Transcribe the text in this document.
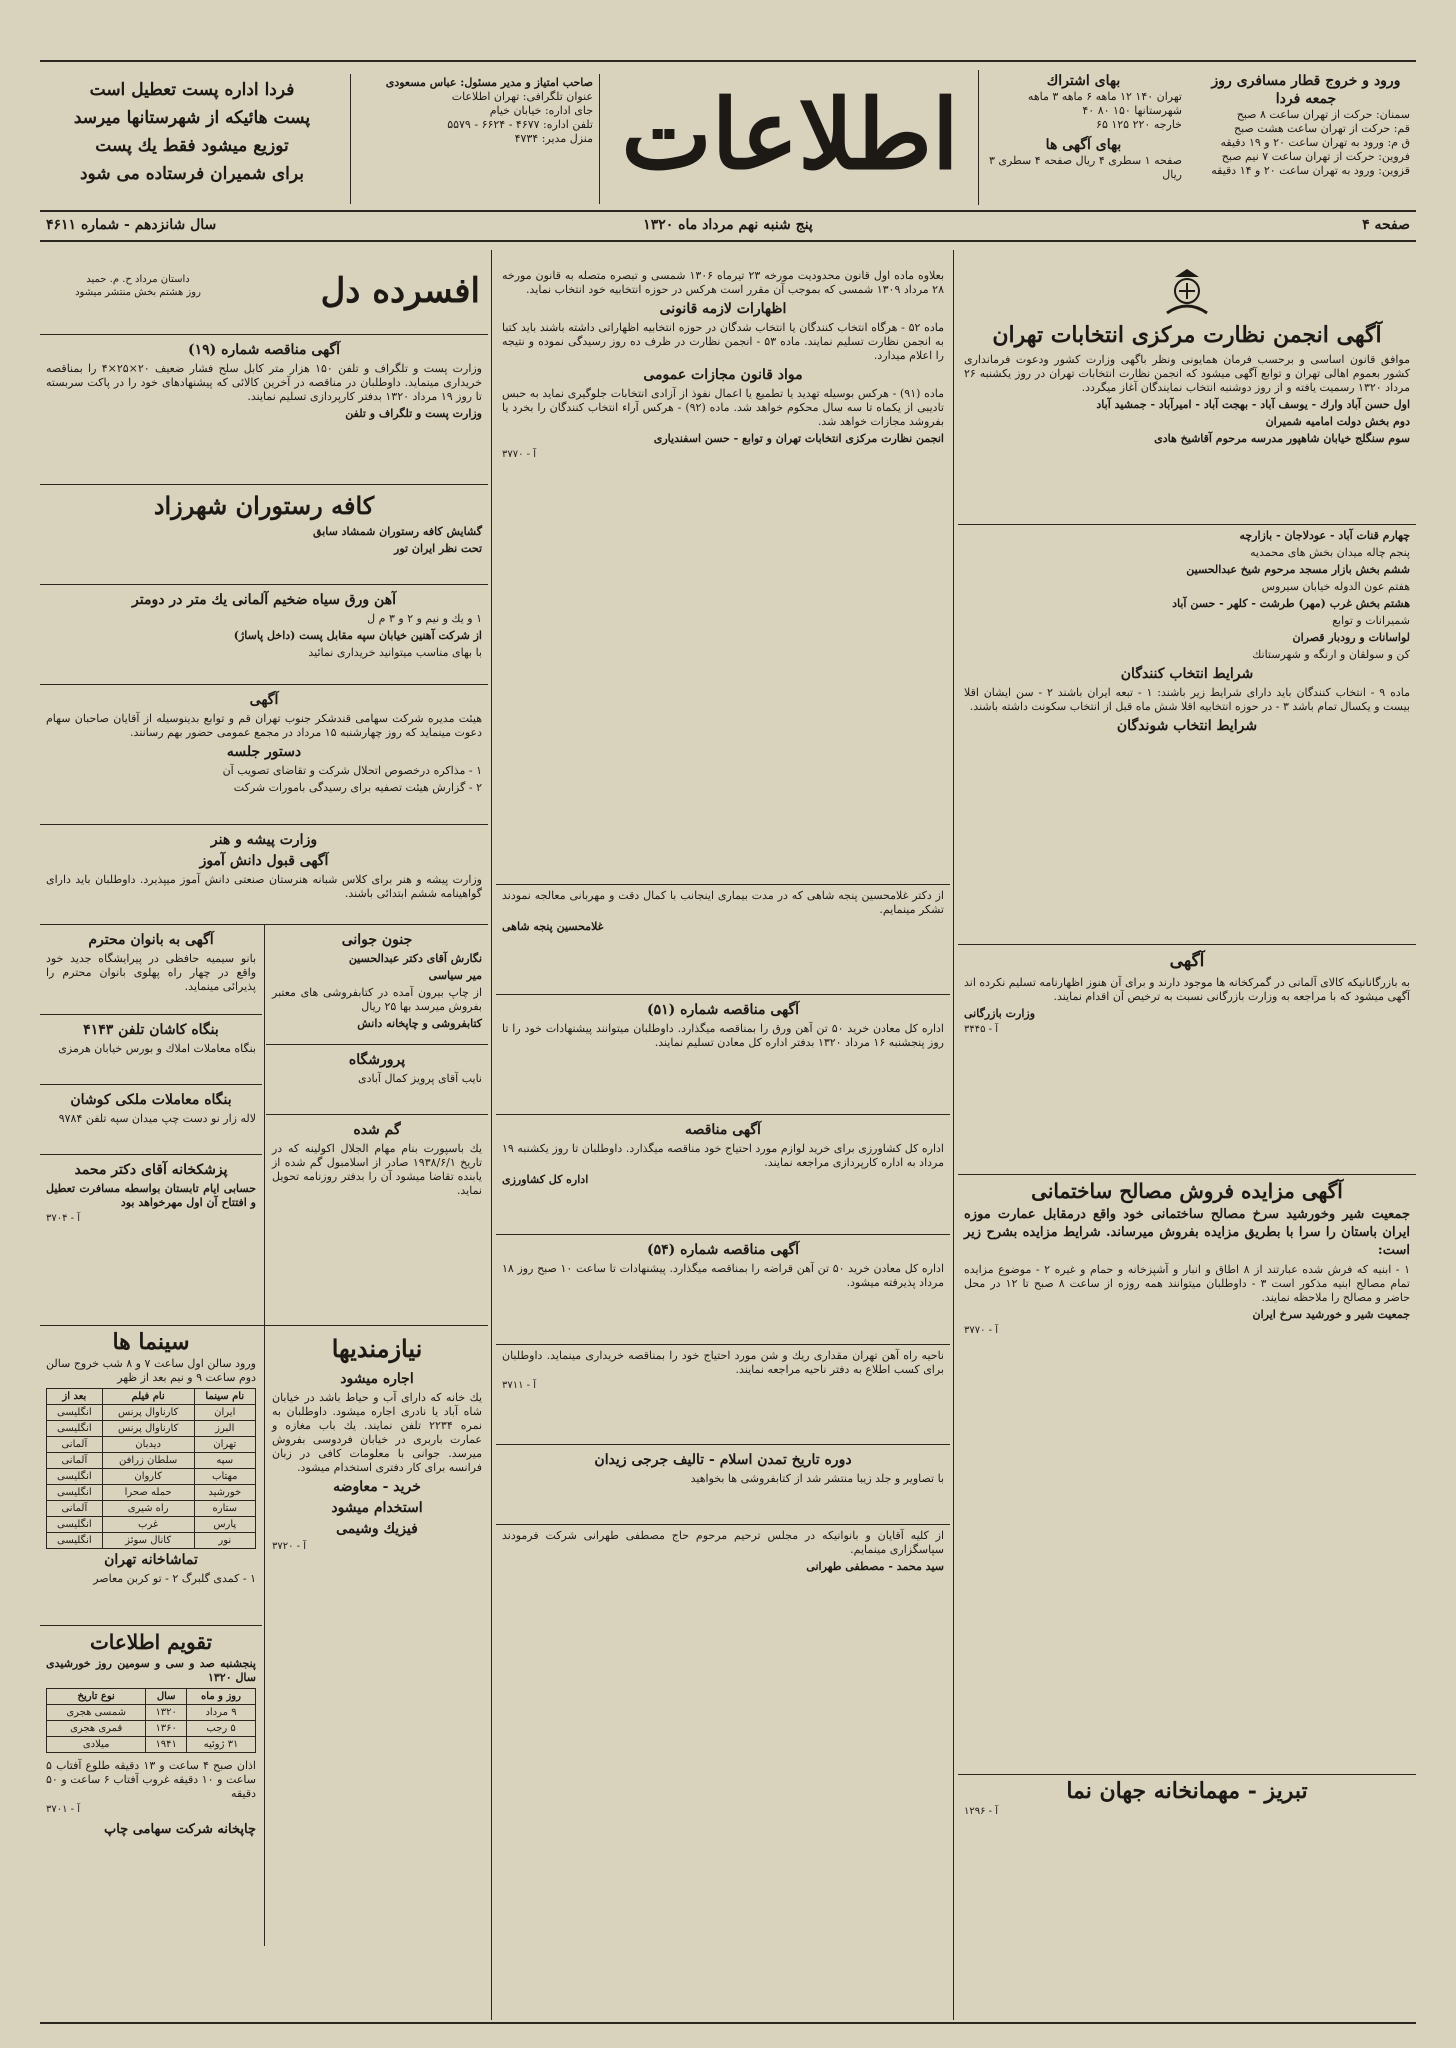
ورود و خروج قطار مسافری روز جمعه فردا
سمنان: حرکت از تهران ساعت ۸ صبح
قم: حرکت از تهران ساعت هشت صبح
ق م: ورود به تهران ساعت ۲۰ و ۱۹ دقیقه
فروین: حرکت از تهران ساعت ۷ نیم صبح
قزوین: ورود به تهران ساعت ۲۰ و ۱۴ دقیقه
بهای اشتراك
تهران ۱۴۰ ۱۲ ماهه ۶ ماهه ۳ ماهه
شهرستانها ۱۵۰ ۸۰ ۴۰
خارجه ۲۲۰ ۱۲۵ ۶۵
بهای آگهی ها
صفحه ۱ سطری ۴ ریال صفحه ۴ سطری ۳ ریال
اطلاعات
صاحب امتیاز و مدیر مسئول: عباس مسعودی
عنوان تلگرافی: تهران اطلاعات
جای اداره: خیابان خیام
تلفن اداره: ۴۶۷۷ - ۶۶۲۴ - ۵۵۷۹
منزل مدیر: ۴۷۳۴
فردا اداره پست تعطیل است
پست هائیکه از شهرستانها میرسد
توزیع میشود فقط یك پست
برای شمیران فرستاده می شود
صفحه ۴
پنج شنبه نهم مرداد ماه ۱۳۲۰
سال شانزدهم - شماره ۴۶۱۱
آگهی انجمن نظارت مرکزی انتخابات تهران

موافق قانون اساسی و برحسب فرمان همایونی ونظر باگهی وزارت کشور ودعوت فرمانداری کشور بعموم اهالی تهران و توابع آگهی میشود که انجمن نظارت انتخابات تهران در روز یکشنبه ۲۶ مرداد ۱۳۲۰ رسمیت یافته و از روز دوشنبه انتخاب نمایندگان آغاز میگردد.

اول حسن آباد وارك - یوسف آباد - بهجت آباد - امیرآباد - جمشید آباد

دوم بخش دولت امامیه شمیران

سوم سنگلج خیابان شاهپور مدرسه مرحوم آقاشیخ هادی

چهارم قنات آباد - عودلاجان - بازارچه

پنجم چاله میدان بخش های محمدیه

ششم بخش بازار مسجد مرحوم شیخ عبدالحسین

هفتم عون الدوله خیابان سیروس

هشتم بخش غرب (مهر) طرشت - کلهر - حسن آباد

شمیرانات و توابع

لواسانات و رودبار قصران

کن و سولقان و ارنگه و شهرستانك

شرایط انتخاب کنندگان

ماده ۹ - انتخاب کنندگان باید دارای شرایط زیر باشند: ۱ - تبعه ایران باشند ۲ - سن ایشان اقلا بیست و یکسال تمام باشد ۳ - در حوزه انتخابیه اقلا شش ماه قبل از انتخاب سکونت داشته باشند.

شرایط انتخاب شوندگان
آگهی

به بازرگانانیکه کالای آلمانی در گمرکخانه ها موجود دارند و برای آن هنوز اظهارنامه تسلیم نکرده اند آگهی میشود که با مراجعه به وزارت بازرگانی نسبت به ترخیص آن اقدام نمایند.

وزارت بازرگانی

آ - ۳۴۴۵
آگهی مزایده فروش مصالح ساختمانی

جمعیت شیر وخورشید سرخ مصالح ساختمانی خود واقع درمقابل عمارت موزه ایران باستان را سرا با بطریق مزایده بفروش میرساند. شرایط مزایده بشرح زیر است:

۱ - ابنیه که فرش شده عبارتند از ۸ اطاق و انبار و آشپزخانه و حمام و غیره ۲ - موضوع مزایده تمام مصالح ابنیه مذکور است ۳ - داوطلبان میتوانند همه روزه از ساعت ۸ صبح تا ۱۲ در محل حاضر و مصالح را ملاحظه نمایند.

جمعیت شیر و خورشید سرخ ایران

آ - ۳۷۷۰
تبریز - مهمانخانه جهان نما
آ - ۱۲۹۶

بعلاوه ماده اول قانون محدودیت مورخه ۲۳ تیرماه ۱۳۰۶ شمسی و تبصره متصله به قانون مورخه ۲۸ مرداد ۱۳۰۹ شمسی که بموجب آن مقرر است هرکس در حوزه انتخابیه خود انتخاب نماید.

اظهارات لازمه قانونی

ماده ۵۲ - هرگاه انتخاب کنندگان یا انتخاب شدگان در حوزه انتخابیه اظهاراتی داشته باشند باید کتبا به انجمن نظارت تسلیم نمایند. ماده ۵۳ - انجمن نظارت در ظرف ده روز رسیدگی نموده و نتیجه را اعلام میدارد.

مواد قانون مجازات عمومی

ماده (۹۱) - هرکس بوسیله تهدید یا تطمیع یا اعمال نفوذ از آزادی انتخابات جلوگیری نماید به حبس تادیبی از یکماه تا سه سال محکوم خواهد شد. ماده (۹۲) - هرکس آراء انتخاب کنندگان را بخرد یا بفروشد مجازات خواهد شد.

انجمن نظارت مرکزی انتخابات تهران و توابع - حسن اسفندیاری

آ - ۳۷۷۰

از دکتر غلامحسین پنجه شاهی که در مدت بیماری اینجانب با کمال دقت و مهربانی معالجه نمودند تشکر مینمایم.

غلامحسین پنجه شاهی

آگهی مناقصه شماره (۵۱)

اداره کل معادن خرید ۵۰ تن آهن ورق را بمناقصه میگذارد. داوطلبان میتوانند پیشنهادات خود را تا روز پنجشنبه ۱۶ مرداد ۱۳۲۰ بدفتر اداره کل معادن تسلیم نمایند.

آگهی مناقصه

اداره کل کشاورزی برای خرید لوازم مورد احتیاج خود مناقصه میگذارد. داوطلبان تا روز یکشنبه ۱۹ مرداد به اداره کارپردازی مراجعه نمایند.

اداره کل کشاورزی

آگهی مناقصه شماره (۵۴)

اداره کل معادن خرید ۵۰ تن آهن قراضه را بمناقصه میگذارد. پیشنهادات تا ساعت ۱۰ صبح روز ۱۸ مرداد پذیرفته میشود.

ناحیه راه آهن تهران مقداری ریك و شن مورد احتیاج خود را بمناقصه خریداری مینماید. داوطلبان برای کسب اطلاع به دفتر ناحیه مراجعه نمایند.

آ - ۳۷۱۱
دوره تاریخ تمدن اسلام - تالیف جرجی زیدان

با تصاویر و جلد زیبا منتشر شد از کتابفروشی ها بخواهید

از کلیه آقایان و بانوانیکه در مجلس ترحیم مرحوم حاج مصطفی طهرانی شرکت فرمودند سپاسگزاری مینمایم.

سید محمد - مصطفی طهرانی

افسرده دل
داستان مرداد ح. م. حمید
روز هشتم بخش منتشر میشود
آگهی مناقصه شماره (۱۹)

وزارت پست و تلگراف و تلفن ۱۵۰ هزار متر کابل سلح فشار ضعیف ۲۰×۲۵×۴ را بمناقصه خریداری مینماید. داوطلبان در مناقصه در آخرین کالائی که پیشنهادهای خود را در پاکت سربسته تا روز ۱۹ مرداد ۱۳۲۰ بدفتر کارپردازی تسلیم نمایند.

وزارت پست و تلگراف و تلفن

کافه رستوران شهرزاد

گشایش کافه رستوران شمشاد سابق

تحت نظر ایران تور

آهن ورق سیاه ضخیم آلمانی یك متر در دومتر

۱ و یك و نیم و ۲ و ۳ م ل

از شرکت آهنین خیابان سپه مقابل پست (داخل پاساژ)

با بهای مناسب میتوانید خریداری نمائید

آگهی

هیئت مدیره شرکت سهامی قندشکر جنوب تهران قم و توابع بدینوسیله از آقایان صاحبان سهام دعوت مینماید که روز چهارشنبه ۱۵ مرداد در مجمع عمومی حضور بهم رسانند.

دستور جلسه

۱ - مذاکره درخصوص اتحلال شرکت و تقاضای تصویب آن

۲ - گزارش هیئت تصفیه برای رسیدگی بامورات شرکت

وزارت پیشه و هنر
آگهی قبول دانش آموز

وزارت پیشه و هنر برای کلاس شبانه هنرستان صنعتی دانش آموز میپذیرد. داوطلبان باید دارای گواهینامه ششم ابتدائی باشند.

جنون جوانی

نگارش آقای دکتر عبدالحسین

میر سیاسی

از چاپ بیرون آمده در کتابفروشی های معتبر بفروش میرسد بها ۲۵ ریال

کتابفروشی و چاپخانه دانش

پرورشگاه

نایب آقای پرویز کمال آبادی

گم شده

یك باسپورت بنام مهام الجلال اکولینه که در تاریخ ۱۹۳۸/۶/۱ صادر از اسلامبول گم شده از یابنده تقاضا میشود آن را بدفتر روزنامه تحویل نماید.

آگهی به بانوان محترم

بانو سیمیه حافظی در پیرایشگاه جدید خود واقع در چهار راه پهلوی بانوان محترم را پذیرائی مینماید.

بنگاه کاشان تلفن ۴۱۴۳

بنگاه معاملات املاك و بورس خیابان هرمزی

بنگاه معاملات ملکی کوشان

لاله زار نو دست چپ میدان سپه تلفن ۹۷۸۴

پزشکخانه آقای دکتر محمد

حسابی ایام تابستان بواسطه مسافرت تعطیل و افتتاح آن اول مهرخواهد بود

آ - ۳۷۰۴
نیازمندیها
اجاره میشود

یك خانه که دارای آب و حیاط باشد در خیابان شاه آباد یا نادری اجاره میشود. داوطلبان به نمره ۲۲۳۴ تلفن نمایند. یك باب مغازه و عمارت باربری در خیابان فردوسی بفروش میرسد. جوانی با معلومات کافی در زبان فرانسه برای کار دفتری استخدام میشود.

خرید - معاوضه
استخدام میشود
فیزیك وشیمی
آ - ۳۷۲۰
سینما ها

ورود سالن اول ساعت ۷ و ۸ شب خروج سالن دوم ساعت ۹ و نیم بعد از ظهر

نام سینما	نام فیلم	بعد از
ایران	کارناوال پرنس	انگلیسی
البرز	کارناوال پرنس	انگلیسی
تهران	دیدبان	آلمانی
سپه	سلطان زرافن	آلمانی
مهتاب	کاروان	انگلیسی
خورشید	حمله صحرا	انگلیسی
ستاره	راه شیری	آلمانی
پارس	غرب	انگلیسی
نور	کانال سوئز	انگلیسی
تماشاخانه تهران

۱ - کمدی گلبرگ ۲ - تو کربن معاصر

تقویم اطلاعات

پنجشنبه صد و سی و سومین روز خورشیدی سال ۱۳۲۰

روز و ماه	سال	نوع تاریخ
۹ مرداد	۱۳۲۰	شمسی هجری
۵ رجب	۱۳۶۰	قمری هجری
۳۱ ژوئیه	۱۹۴۱	میلادی

اذان صبح ۴ ساعت و ۱۳ دقیقه طلوع آفتاب ۵ ساعت و ۱۰ دقیقه غروب آفتاب ۶ ساعت و ۵۰ دقیقه

آ - ۳۷۰۱

چاپخانه شرکت سهامی چاپ
